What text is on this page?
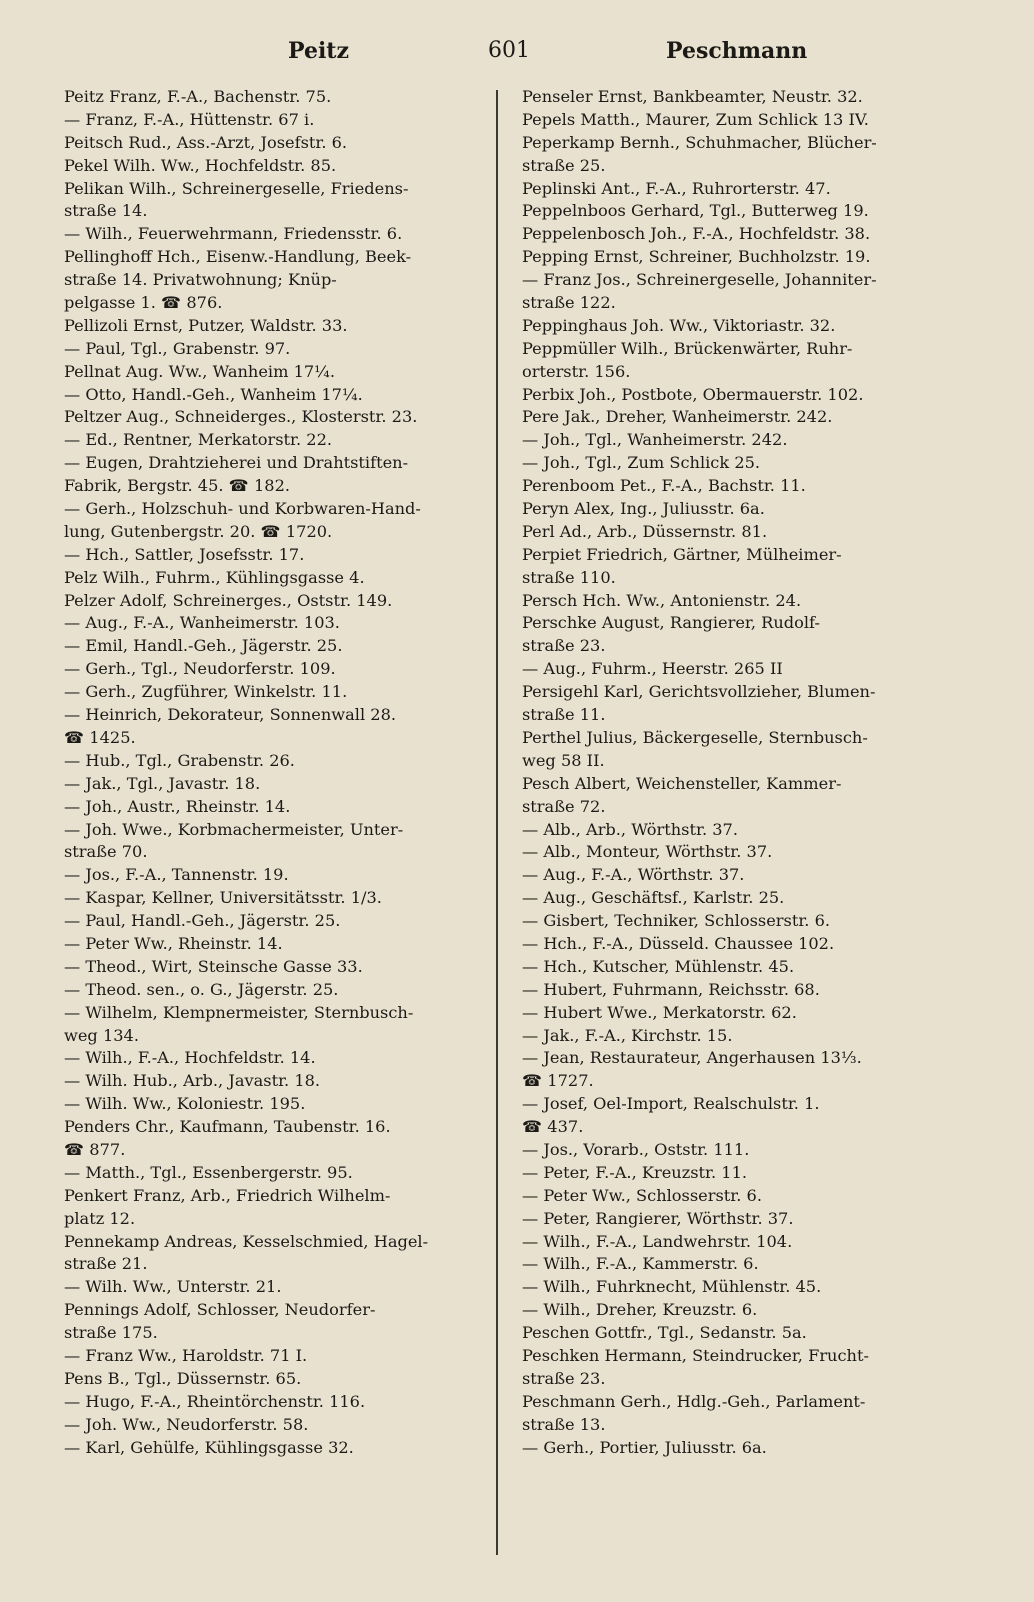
Peitz	601	Peschmann
Peitz Franz, F.-A., Bachenstr. 75.
— Franz, F.-A., Hüttenstr. 67 i.
Peitsch Rud., Ass.-Arzt, Josefstr. 6.
Pekel Wilh. Ww., Hochfeldstr. 85.
Pelikan Wilh., Schreinergeselle, Friedens-
straße 14.
— Wilh., Feuerwehrmann, Friedensstr. 6.
Pellinghoff Hch., Eisenw.-Handlung, Beek-
straße 14. Privatwohnung; Knüp-
pelgasse 1. ☎ 876.
Pellizoli Ernst, Putzer, Waldstr. 33.
— Paul, Tgl., Grabenstr. 97.
Pellnat Aug. Ww., Wanheim 17¼.
— Otto, Handl.-Geh., Wanheim 17¼.
Peltzer Aug., Schneiderges., Klosterstr. 23.
— Ed., Rentner, Merkatorstr. 22.
— Eugen, Drahtzieherei und Drahtstiften-
Fabrik, Bergstr. 45. ☎ 182.
— Gerh., Holzschuh- und Korbwaren-Hand-
lung, Gutenbergstr. 20. ☎ 1720.
— Hch., Sattler, Josefsstr. 17.
Pelz Wilh., Fuhrm., Kühlingsgasse 4.
Pelzer Adolf, Schreinerges., Oststr. 149.
— Aug., F.-A., Wanheimerstr. 103.
— Emil, Handl.-Geh., Jägerstr. 25.
— Gerh., Tgl., Neudorferstr. 109.
— Gerh., Zugführer, Winkelstr. 11.
— Heinrich, Dekorateur, Sonnenwall 28.
☎ 1425.
— Hub., Tgl., Grabenstr. 26.
— Jak., Tgl., Javastr. 18.
— Joh., Austr., Rheinstr. 14.
— Joh. Wwe., Korbmachermeister, Unter-
straße 70.
— Jos., F.-A., Tannenstr. 19.
— Kaspar, Kellner, Universitätsstr. 1/3.
— Paul, Handl.-Geh., Jägerstr. 25.
— Peter Ww., Rheinstr. 14.
— Theod., Wirt, Steinsche Gasse 33.
— Theod. sen., o. G., Jägerstr. 25.
— Wilhelm, Klempnermeister, Sternbusch-
weg 134.
— Wilh., F.-A., Hochfeldstr. 14.
— Wilh. Hub., Arb., Javastr. 18.
— Wilh. Ww., Koloniestr. 195.
Penders Chr., Kaufmann, Taubenstr. 16.
☎ 877.
— Matth., Tgl., Essenbergerstr. 95.
Penkert Franz, Arb., Friedrich Wilhelm-
platz 12.
Pennekamp Andreas, Kesselschmied, Hagel-
straße 21.
— Wilh. Ww., Unterstr. 21.
Pennings Adolf, Schlosser, Neudorfer-
straße 175.
— Franz Ww., Haroldstr. 71 I.
Pens B., Tgl., Düssernstr. 65.
— Hugo, F.-A., Rheintörchenstr. 116.
— Joh. Ww., Neudorferstr. 58.
— Karl, Gehülfe, Kühlingsgasse 32.
Penseler Ernst, Bankbeamter, Neustr. 32.
Pepels Matth., Maurer, Zum Schlick 13 IV.
Peperkamp Bernh., Schuhmacher, Blücher-
straße 25.
Peplinski Ant., F.-A., Ruhrorterstr. 47.
Peppelnboos Gerhard, Tgl., Butterweg 19.
Peppelenbosch Joh., F.-A., Hochfeldstr. 38.
Pepping Ernst, Schreiner, Buchholzstr. 19.
— Franz Jos., Schreinergeselle, Johanniter-
straße 122.
Peppinghaus Joh. Ww., Viktoriastr. 32.
Peppmüller Wilh., Brückenwärter, Ruhr-
orterstr. 156.
Perbix Joh., Postbote, Obermauerstr. 102.
Pere Jak., Dreher, Wanheimerstr. 242.
— Joh., Tgl., Wanheimerstr. 242.
— Joh., Tgl., Zum Schlick 25.
Perenboom Pet., F.-A., Bachstr. 11.
Peryn Alex, Ing., Juliusstr. 6a.
Perl Ad., Arb., Düssernstr. 81.
Perpiet Friedrich, Gärtner, Mülheimer-
straße 110.
Persch Hch. Ww., Antonienstr. 24.
Perschke August, Rangierer, Rudolf-
straße 23.
— Aug., Fuhrm., Heerstr. 265 II
Persigehl Karl, Gerichtsvollzieher, Blumen-
straße 11.
Perthel Julius, Bäckergeselle, Sternbusch-
weg 58 II.
Pesch Albert, Weichensteller, Kammer-
straße 72.
— Alb., Arb., Wörthstr. 37.
— Alb., Monteur, Wörthstr. 37.
— Aug., F.-A., Wörthstr. 37.
— Aug., Geschäftsf., Karlstr. 25.
— Gisbert, Techniker, Schlosserstr. 6.
— Hch., F.-A., Düsseld. Chaussee 102.
— Hch., Kutscher, Mühlenstr. 45.
— Hubert, Fuhrmann, Reichsstr. 68.
— Hubert Wwe., Merkatorstr. 62.
— Jak., F.-A., Kirchstr. 15.
— Jean, Restaurateur, Angerhausen 13⅓.
☎ 1727.
— Josef, Oel-Import, Realschulstr. 1.
☎ 437.
— Jos., Vorarb., Oststr. 111.
— Peter, F.-A., Kreuzstr. 11.
— Peter Ww., Schlosserstr. 6.
— Peter, Rangierer, Wörthstr. 37.
— Wilh., F.-A., Landwehrstr. 104.
— Wilh., F.-A., Kammerstr. 6.
— Wilh., Fuhrknecht, Mühlenstr. 45.
— Wilh., Dreher, Kreuzstr. 6.
Peschen Gottfr., Tgl., Sedanstr. 5a.
Peschken Hermann, Steindrucker, Frucht-
straße 23.
Peschmann Gerh., Hdlg.-Geh., Parlament-
straße 13.
— Gerh., Portier, Juliusstr. 6a.
